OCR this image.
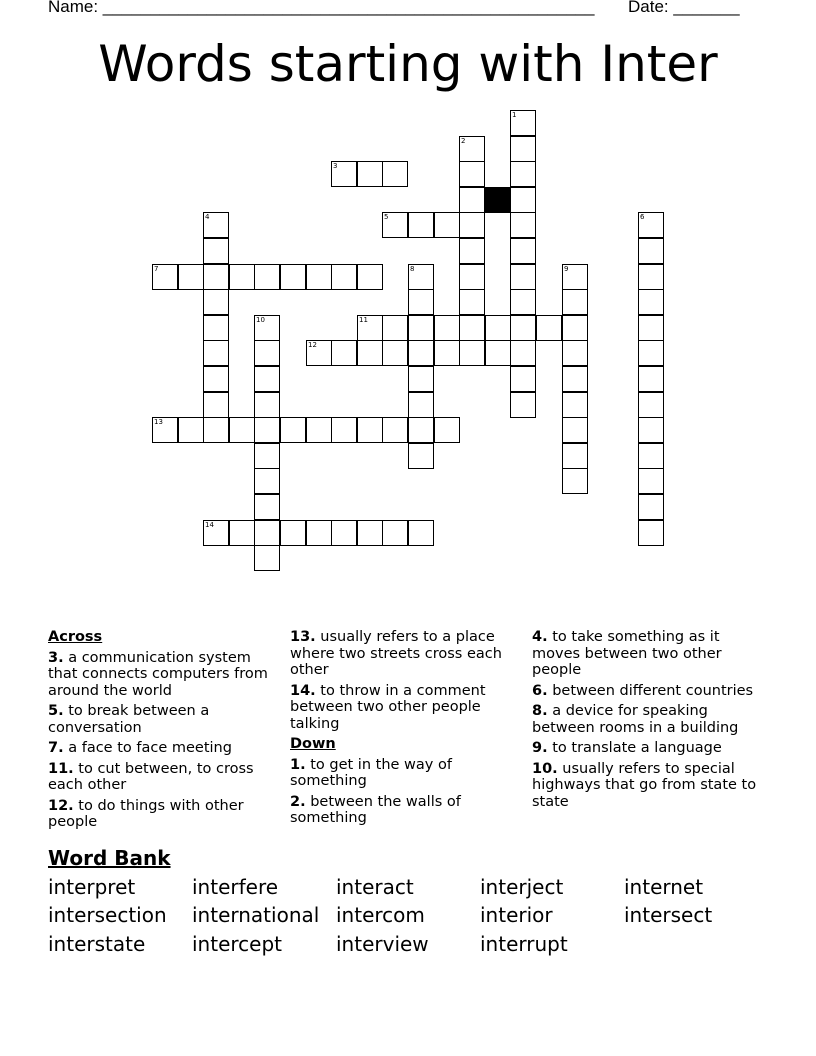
Name: ____________________________________________________ Date: _______
Words starting with Inter
3
5
7
11
12
13
14
1
2
4	6
8	9
10
Across
3. a communication system that connects computers from around the world
5. to break between a conversation
7. a face to face meeting
11. to cut between, to cross each other
12. to do things with other people
13. usually refers to a place where two streets cross each other
14. to throw in a comment between two other people talking
Down
1. to get in the way of something
2. between the walls of something
4. to take something as it moves between two other people
6. between different countries
8. a device for speaking between rooms in a building
9. to translate a language
10. usually refers to special highways that go from state to state
Word Bank
interpret	interfere	interact	interject	internet
intersection international intercom	interior	intersect
interstate intercept	interview	interrupt
